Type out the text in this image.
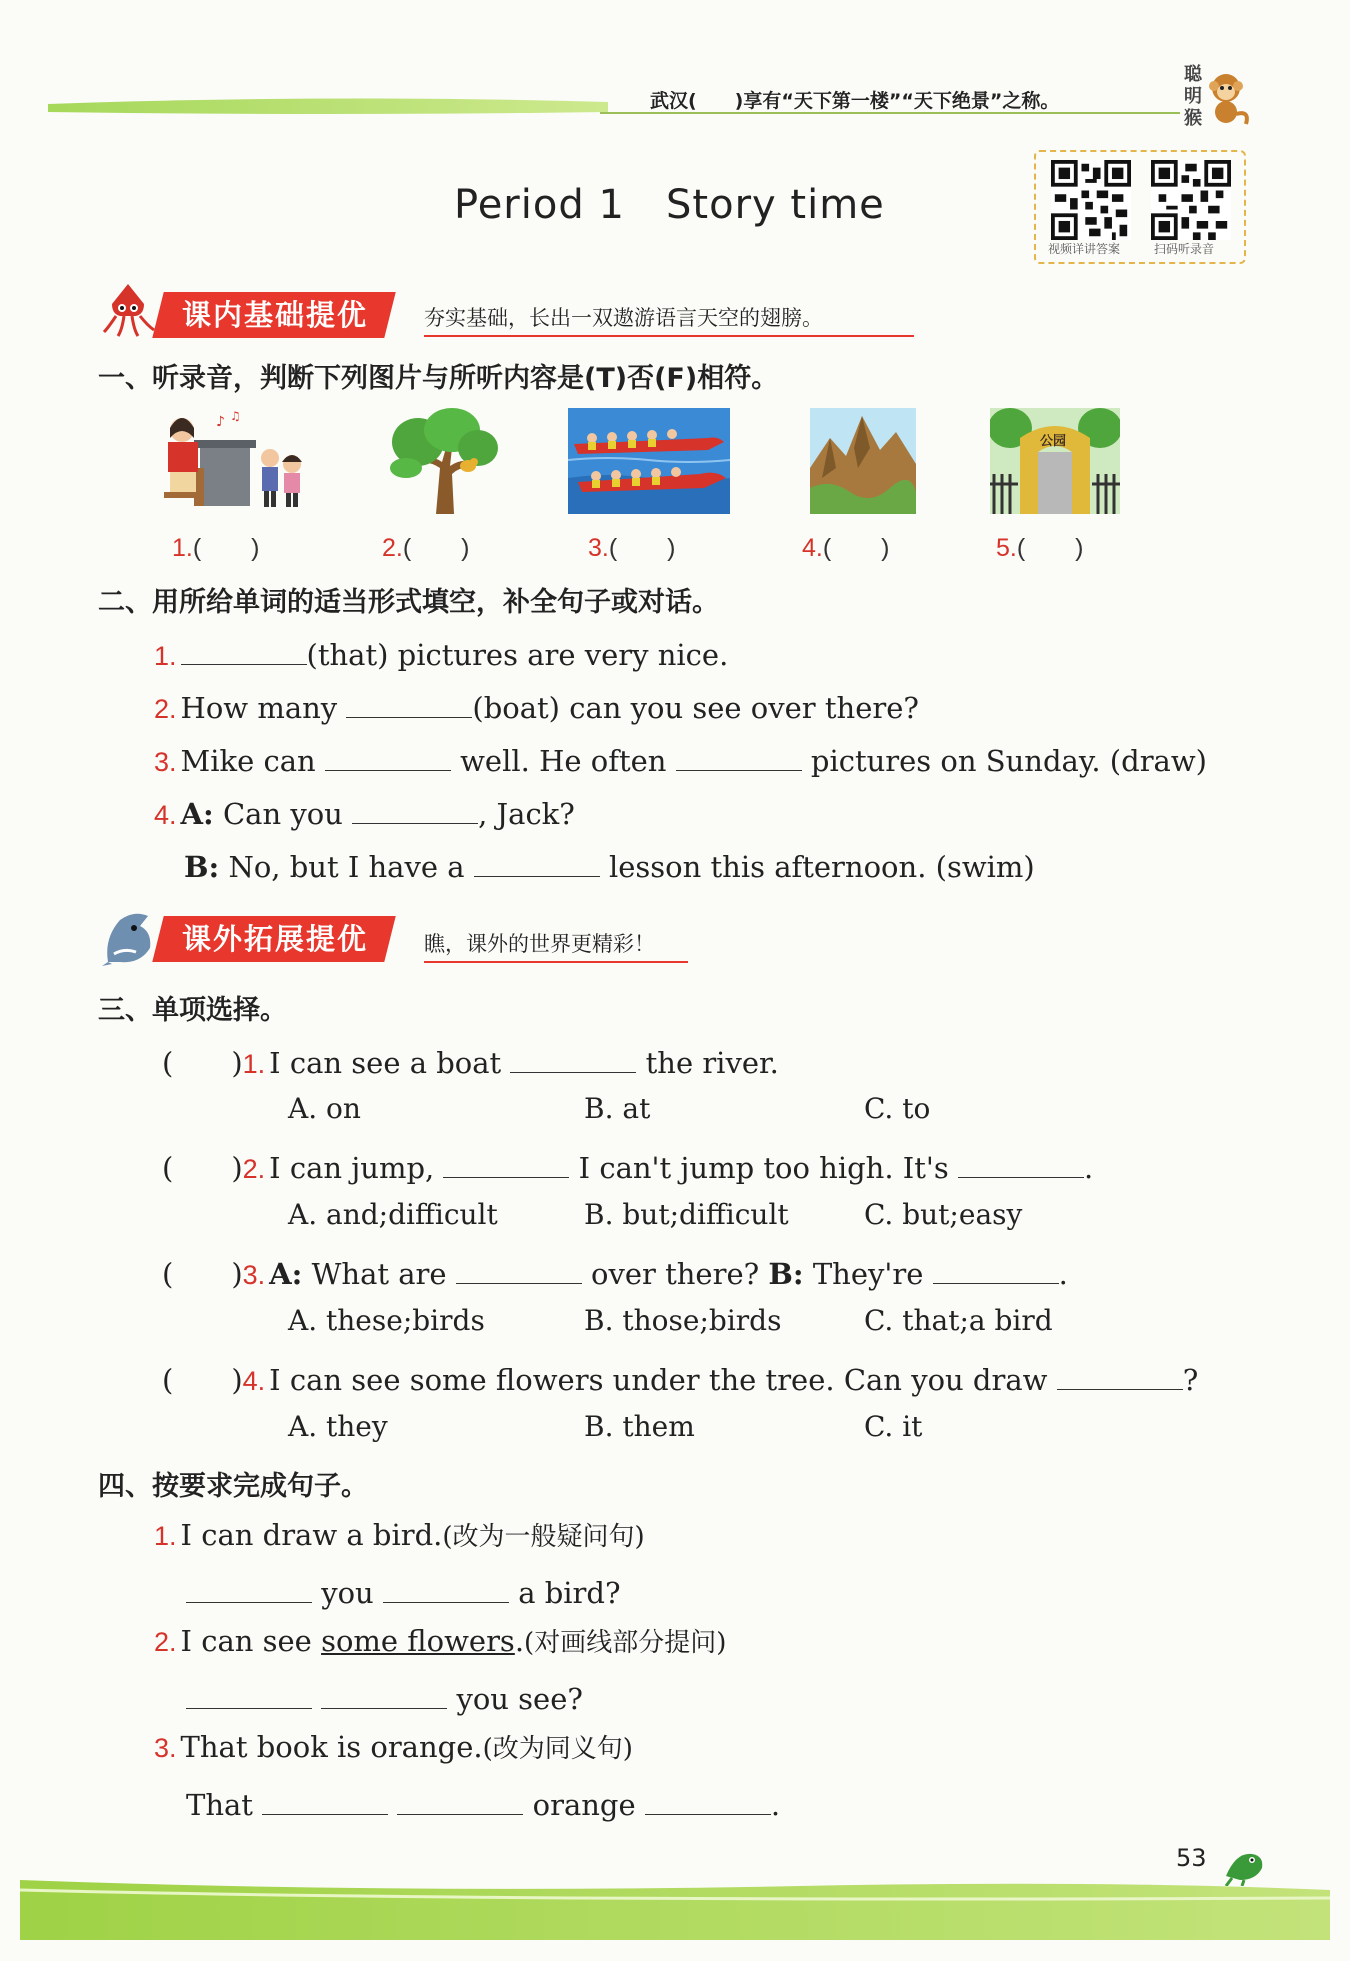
武汉(　　)享有“天下第一楼”“天下绝景”之称。
聪
明
猴
Period 1   Story time
视频详讲答案	扫码听录音
课内基础提优	夯实基础，长出一双遨游语言天空的翅膀。
一、听录音，判断下列图片与所听内容是(T)否(F)相符。
♪ ♫
公园
1.(　　)	2.(　　)	3.(　　)	4.(　　)	5.(　　)
二、用所给单词的适当形式填空，补全句子或对话。
1.	(that) pictures are very nice.
2. How many	(boat) can you see over there?
3. Mike can	well. He often	pictures on Sunday. (draw)
4. A: Can you	, Jack?
B: No, but I have a	lesson this afternoon. (swim)
课外拓展提优	瞧，课外的世界更精彩！
三、单项选择。
(　　)1. I can see a boat	the river.
A. on	B. at	C. to
(　　)2. I can jump,	I can't jump too high. It's	.
A. and;difficult	B. but;difficult	C. but;easy
(　　)3. A: What are	over there? B: They're	.
A. these;birds	B. those;birds	C. that;a bird
(　　)4. I can see some flowers under the tree. Can you draw	?
A. they	B. them	C. it
四、按要求完成句子。
1. I can draw a bird.(改为一般疑问句)
you	a bird?
2. I can see some flowers.(对画线部分提问)
you see?
3. That book is orange.(改为同义句)
That	orange	.
53
